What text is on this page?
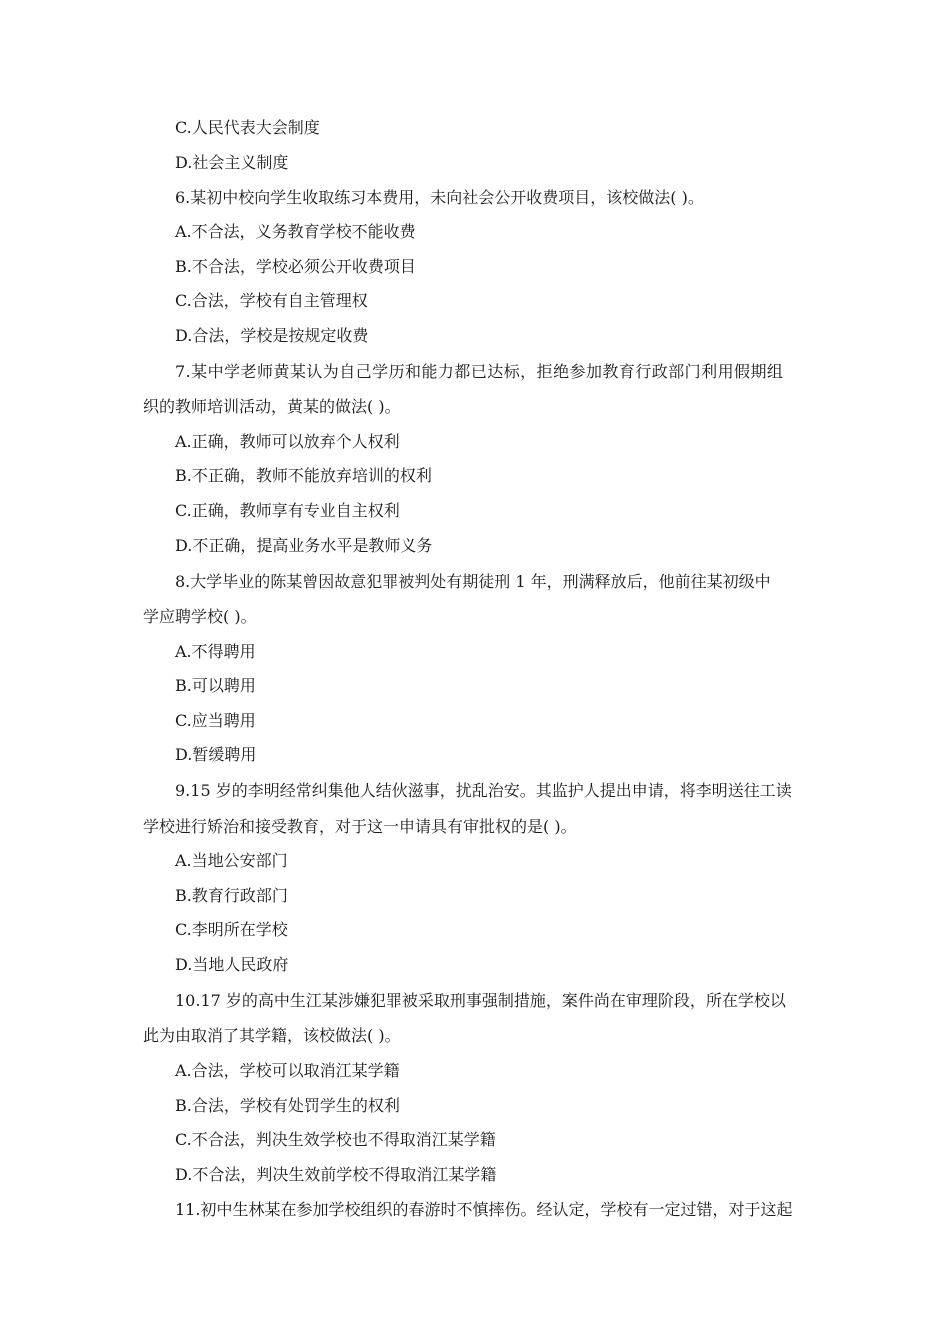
C.人民代表大会制度
D.社会主义制度
6.某初中校向学生收取练习本费用，未向社会公开收费项目，该校做法( )。
A.不合法，义务教育学校不能收费
B.不合法，学校必须公开收费项目
C.合法，学校有自主管理权
D.合法，学校是按规定收费
7.某中学老师黄某认为自己学历和能力都已达标，拒绝参加教育行政部门利用假期组
织的教师培训活动，黄某的做法( )。
A.正确，教师可以放弃个人权利
B.不正确，教师不能放弃培训的权利
C.正确，教师享有专业自主权利
D.不正确，提高业务水平是教师义务
8.大学毕业的陈某曾因故意犯罪被判处有期徒刑 1 年，刑满释放后，他前往某初级中
学应聘学校( )。
A.不得聘用
B.可以聘用
C.应当聘用
D.暂缓聘用
9.15 岁的李明经常纠集他人结伙滋事，扰乱治安。其监护人提出申请，将李明送往工读
学校进行矫治和接受教育，对于这一申请具有审批权的是( )。
A.当地公安部门
B.教育行政部门
C.李明所在学校
D.当地人民政府
10.17 岁的高中生江某涉嫌犯罪被采取刑事强制措施，案件尚在审理阶段，所在学校以
此为由取消了其学籍，该校做法( )。
A.合法，学校可以取消江某学籍
B.合法，学校有处罚学生的权利
C.不合法，判决生效学校也不得取消江某学籍
D.不合法，判决生效前学校不得取消江某学籍
11.初中生林某在参加学校组织的春游时不慎摔伤。经认定，学校有一定过错，对于这起
